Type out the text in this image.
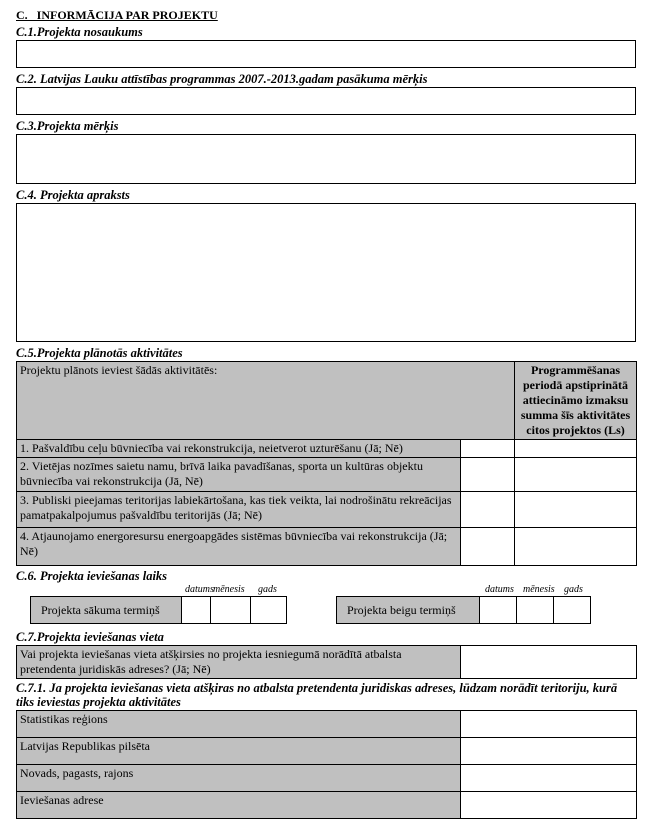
C.   INFORMĀCIJA PAR PROJEKTU
C.1.Projekta nosaukums
C.2. Latvijas Lauku attīstības programmas 2007.-2013.gadam pasākuma mērķis
C.3.Projekta mērķis
C.4. Projekta apraksts
C.5.Projekta plānotās aktivitātes
Projektu plānots ieviest šādās aktivitātēs:		Programmēšanas periodā apstiprinātā attiecināmo izmaksu summa šīs aktivitātes citos projektos (Ls)
1. Pašvaldību ceļu būvniecība vai rekonstrukcija, neietverot uzturēšanu (Jā; Nē)		
2. Vietējas nozīmes saietu namu, brīvā laika pavadīšanas, sporta un kultūras objektu būvniecība vai rekonstrukcija (Jā, Nē)		
3. Publiski pieejamas teritorijas labiekārtošana, kas tiek veikta, lai nodrošinātu rekreācijas pamatpakalpojumus pašvaldību teritorijās (Jā; Nē)		
4. Atjaunojamo energoresursu energoapgādes sistēmas būvniecība vai rekonstrukcija (Jā; Nē)		
C.6. Projekta ieviešanas laiks
datums mēnesis gads	datums mēnesis gads
Projekta sākuma termiņš	Projekta beigu termiņš
C.7.Projekta ieviešanas vieta
Vai projekta ieviešanas vieta atšķirsies no projekta iesniegumā norādītā atbalsta pretendenta juridiskās adreses? (Jā; Nē)	
C.7.1. Ja projekta ieviešanas vieta atšķiras no atbalsta pretendenta juridiskas adreses, lūdzam norādīt teritoriju, kurā tiks ieviestas projekta aktivitātes
Statistikas reģions	
Latvijas Republikas pilsēta	
Novads, pagasts, rajons	
Ieviešanas adrese	
